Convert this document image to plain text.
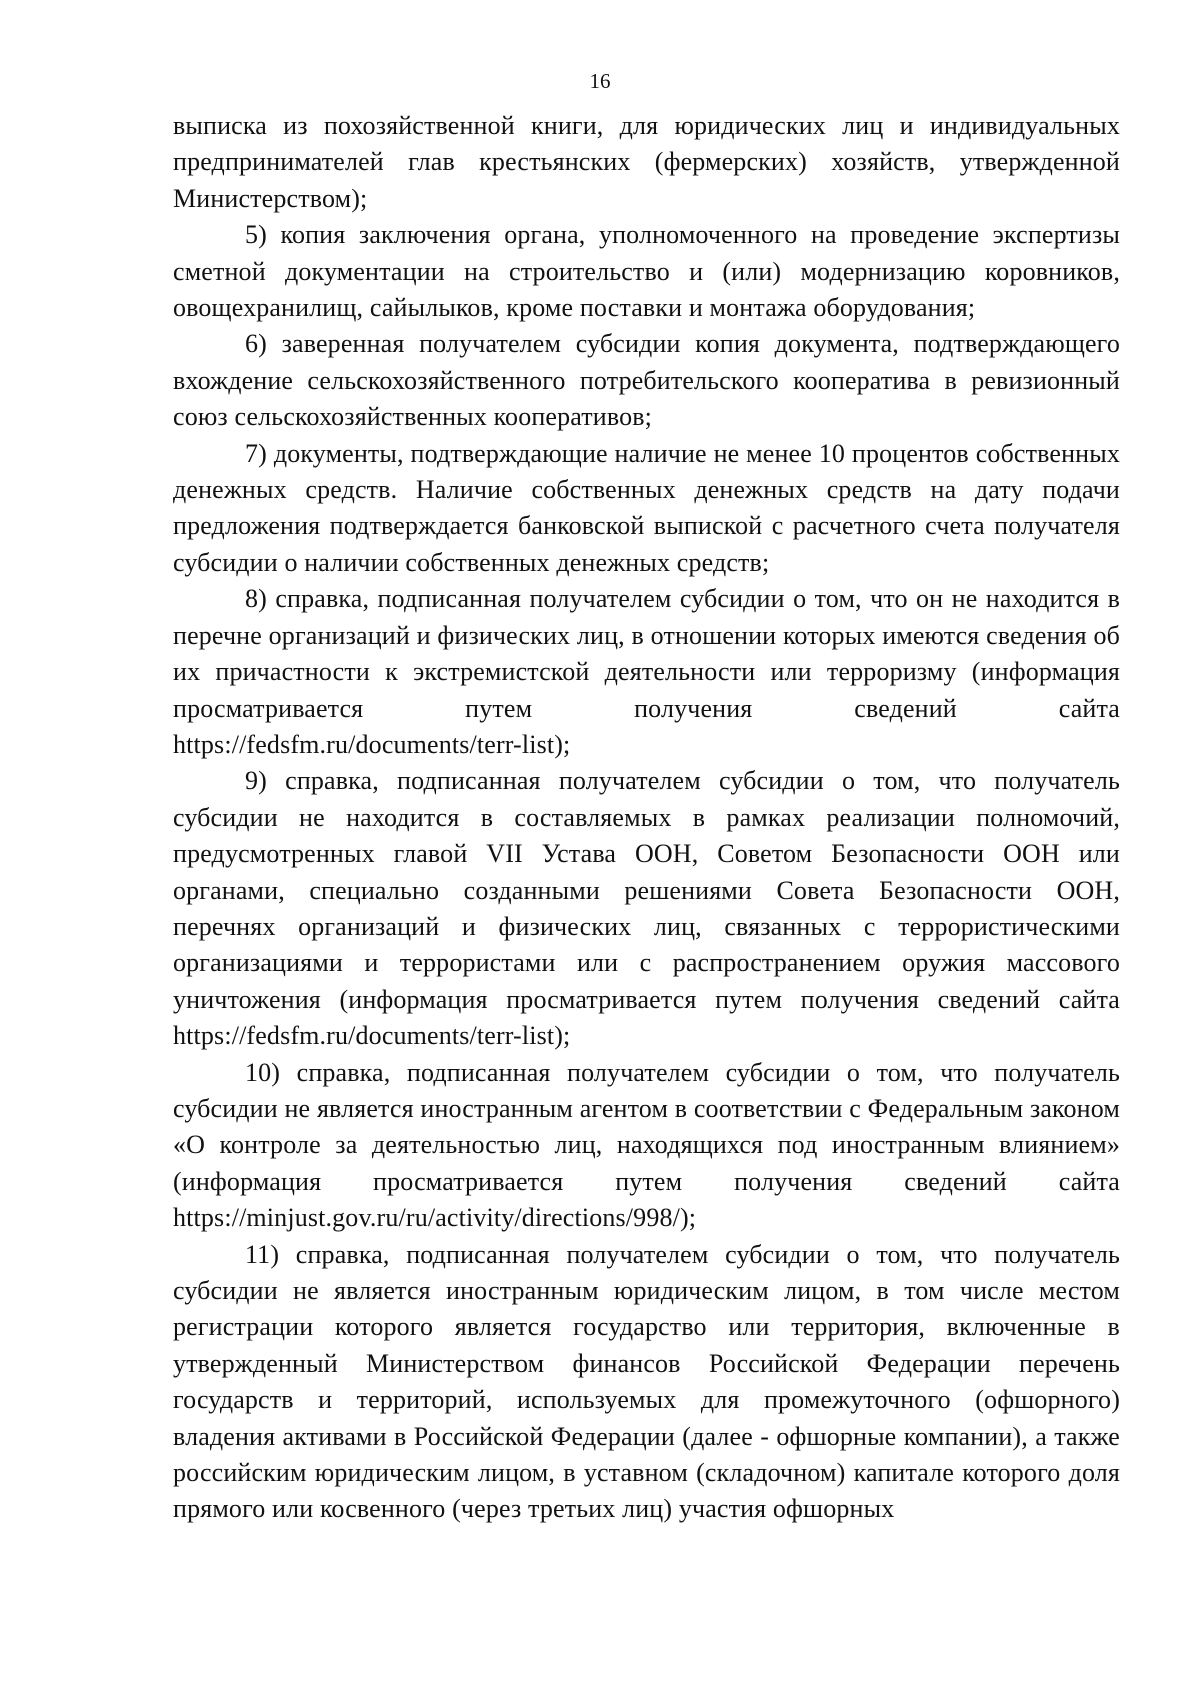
16

выписка из похозяйственной книги, для юридических лиц и индивидуальных предпринимателей глав крестьянских (фермерских) хозяйств, утвержденной Министерством);

5) копия заключения органа, уполномоченного на проведение экспертизы сметной документации на строительство и (или) модернизацию коровников, овощехранилищ, сайылыков, кроме поставки и монтажа оборудования;

6) заверенная получателем субсидии копия документа, подтверждающего вхождение сельскохозяйственного потребительского кооператива в ревизионный союз сельскохозяйственных кооперативов;

7) документы, подтверждающие наличие не менее 10 процентов собственных денежных средств. Наличие собственных денежных средств на дату подачи предложения подтверждается банковской выпиской с расчетного счета получателя субсидии о наличии собственных денежных средств;

8) справка, подписанная получателем субсидии о том, что он не находится в перечне организаций и физических лиц, в отношении которых имеются сведения об их причастности к экстремистской деятельности или терроризму (информация просматривается путем получения сведений сайта https://fedsfm.ru/documents/terr-list);

9) справка, подписанная получателем субсидии о том, что получатель субсидии не находится в составляемых в рамках реализации полномочий, предусмотренных главой VII Устава ООН, Советом Безопасности ООН или органами, специально созданными решениями Совета Безопасности ООН, перечнях организаций и физических лиц, связанных с террористическими организациями и террористами или с распространением оружия массового уничтожения (информация просматривается путем получения сведений сайта https://fedsfm.ru/documents/terr-list);

10) справка, подписанная получателем субсидии о том, что получатель субсидии не является иностранным агентом в соответствии с Федеральным законом «О контроле за деятельностью лиц, находящихся под иностранным влиянием» (информация просматривается путем получения сведений сайта https://minjust.gov.ru/ru/activity/directions/998/);

11) справка, подписанная получателем субсидии о том, что получатель субсидии не является иностранным юридическим лицом, в том числе местом регистрации которого является государство или территория, включенные в утвержденный Министерством финансов Российской Федерации перечень государств и территорий, используемых для промежуточного (офшорного) владения активами в Российской Федерации (далее - офшорные компании), а также российским юридическим лицом, в уставном (складочном) капитале которого доля прямого или косвенного (через третьих лиц) участия офшорных
